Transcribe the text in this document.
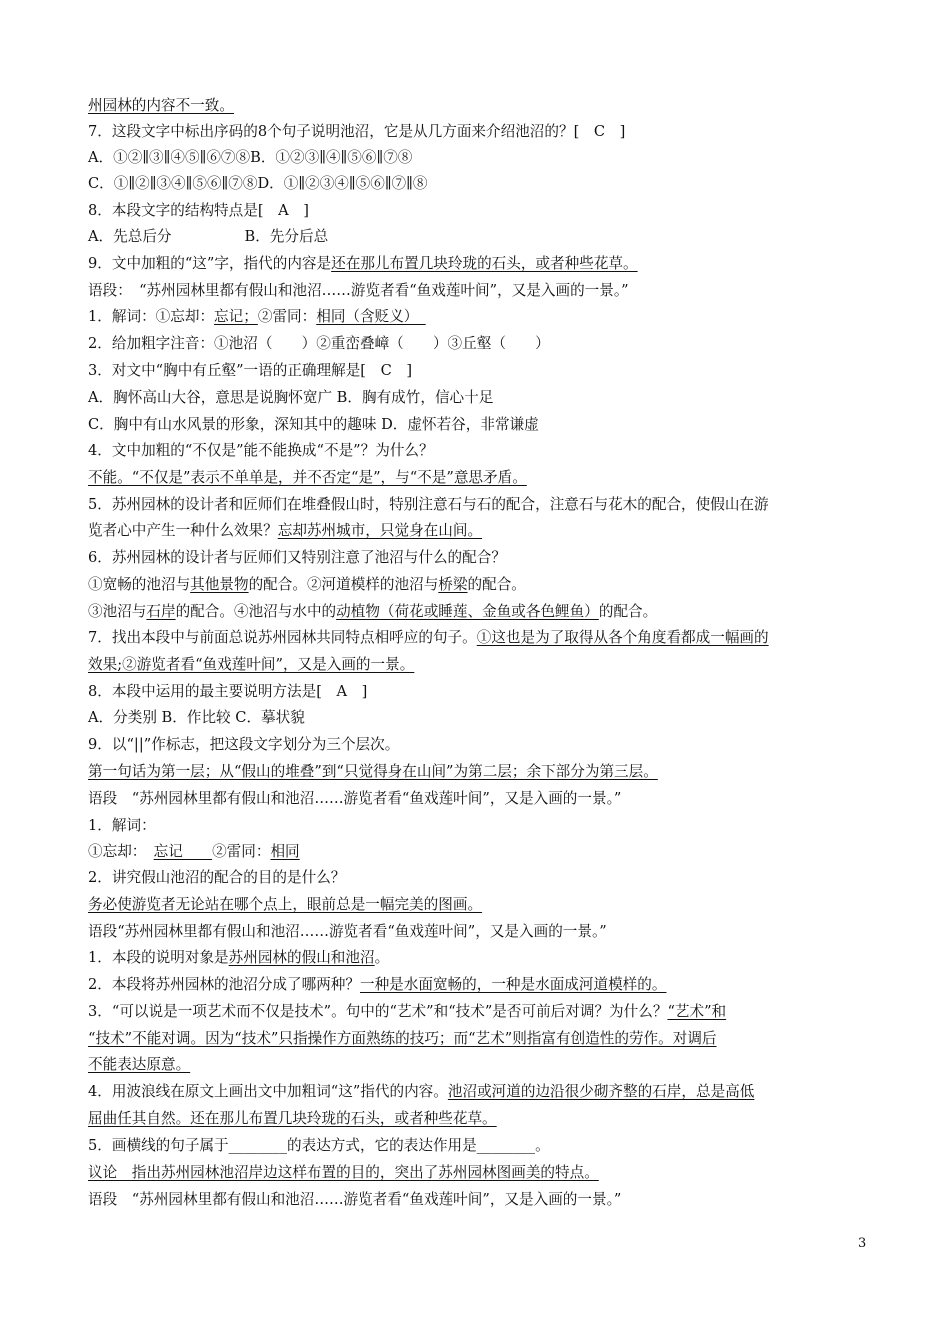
州园林的内容不一致。
7．这段文字中标出序码的8个句子说明池沼，它是从几方面来介绍池沼的？[　C　]
A．①②∥③∥④⑤∥⑥⑦⑧B．①②③∥④∥⑤⑥∥⑦⑧
C．①∥②∥③④∥⑤⑥∥⑦⑧D．①∥②③④∥⑤⑥∥⑦∥⑧
8．本段文字的结构特点是[　A　]
A．先总后分　　　　　B．先分后总
9．文中加粗的“这”字，指代的内容是还在那儿布置几块玲珑的石头，或者种些花草。
语段：　“苏州园林里都有假山和池沼……游览者看“鱼戏莲叶间”，又是入画的一景。”
1．解词：①忘却：忘记；②雷同：相同（含贬义）　
2．给加粗字注音：①池沼（　　）②重峦叠嶂（　　）③丘壑（　　）
3．对文中“胸中有丘壑”一语的正确理解是[　C　]
A．胸怀高山大谷，意思是说胸怀宽广 B．胸有成竹，信心十足
C．胸中有山水风景的形象，深知其中的趣味 D．虚怀若谷，非常谦虚
4．文中加粗的“不仅是”能不能换成“不是”？为什么？
不能。“不仅是”表示不单单是，并不否定“是”，与“不是”意思矛盾。
5．苏州园林的设计者和匠师们在堆叠假山时，特别注意石与石的配合，注意石与花木的配合，使假山在游
览者心中产生一种什么效果？忘却苏州城市，只觉身在山间。
6．苏州园林的设计者与匠师们又特别注意了池沼与什么的配合？
①宽畅的池沼与其他景物的配合。②河道模样的池沼与桥梁的配合。
③池沼与石岸的配合。④池沼与水中的动植物（荷花或睡莲、金鱼或各色鲤鱼）的配合。
7．找出本段中与前面总说苏州园林共同特点相呼应的句子。①这也是为了取得从各个角度看都成一幅画的
效果;②游览者看“鱼戏莲叶间”，又是入画的一景。
8．本段中运用的最主要说明方法是[　A　]
A．分类别 B．作比较 C．摹状貌
9．以“||”作标志，把这段文字划分为三个层次。
第一句话为第一层；从“假山的堆叠”到“只觉得身在山间”为第二层；余下部分为第三层。
语段　“苏州园林里都有假山和池沼……游览者看“鱼戏莲叶间”，又是入画的一景。”
1．解词：
①忘却：　忘记　　②雷同：相同
2．讲究假山池沼的配合的目的是什么？
务必使游览者无论站在哪个点上，眼前总是一幅完美的图画。
语段“苏州园林里都有假山和池沼……游览者看“鱼戏莲叶间”，又是入画的一景。”
1．本段的说明对象是苏州园林的假山和池沼。
2．本段将苏州园林的池沼分成了哪两种？一种是水面宽畅的，一种是水面成河道模样的。
3．“可以说是一项艺术而不仅是技术”。句中的“艺术”和“技术”是否可前后对调？为什么？“艺术”和
“技术”不能对调。因为“技术”只指操作方面熟练的技巧；而“艺术”则指富有创造性的劳作。对调后
不能表达原意。
4．用波浪线在原文上画出文中加粗词“这”指代的内容。池沼或河道的边沿很少砌齐整的石岸，总是高低
屈曲任其自然。还在那儿布置几块玲珑的石头，或者种些花草。
5．画横线的句子属于________的表达方式，它的表达作用是________。
议论　指出苏州园林池沼岸边这样布置的目的，突出了苏州园林图画美的特点。
语段　“苏州园林里都有假山和池沼……游览者看“鱼戏莲叶间”，又是入画的一景。”
3
